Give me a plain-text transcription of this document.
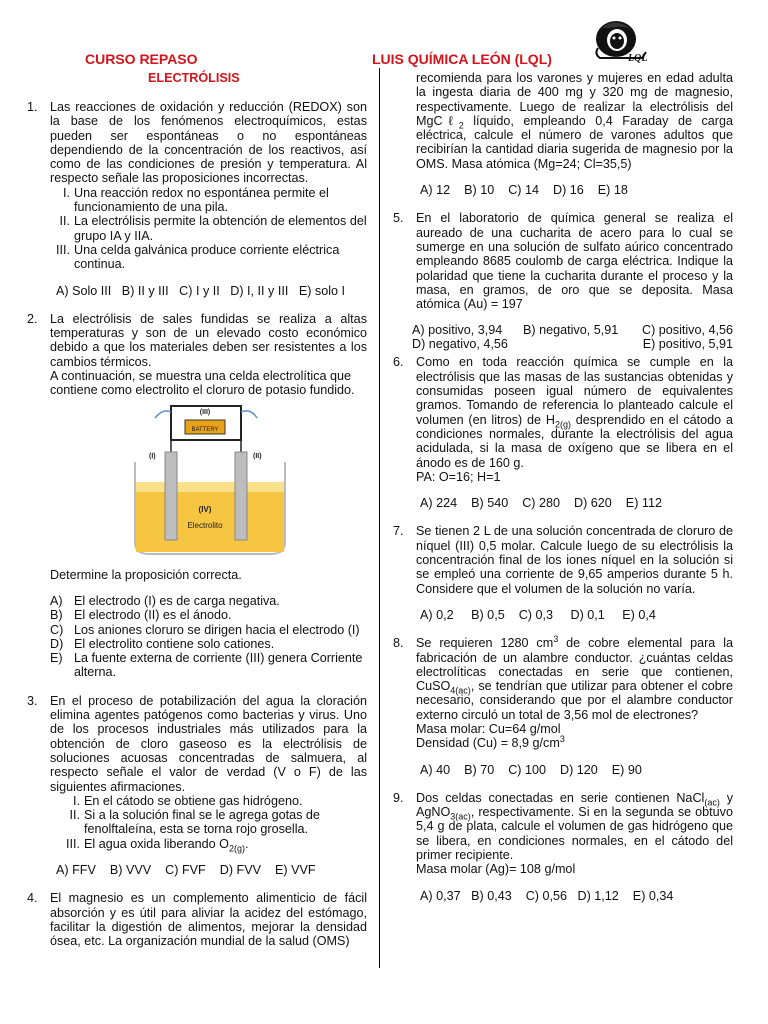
CURSO REPASO	LUIS QUÍMICA LEÓN (LQL)
ELECTRÓLISIS
LQL
1. Las reacciones de oxidación y reducción (REDOX) son la base de los fenómenos electroquímicos, estas pueden ser espontáneas o no espontáneas dependiendo de la concentración de los reactivos, así como de las condiciones de presión y temperatura. Al respecto señale las proposiciones incorrectas.
I. Una reacción redox no espontánea permite el funcionamiento de una pila.
II. La electrólisis permite la obtención de elementos del grupo IA y IIA.
III. Una celda galvánica produce corriente eléctrica continua.
A) Solo III   B) II y III   C) I y II   D) I, II y III   E) solo I
2. La electrólisis de sales fundidas se realiza a altas temperaturas y son de un elevado costo económico debido a que los materiales deben ser resistentes a los cambios térmicos.
A continuación, se muestra una celda electrolítica que contiene como electrolito el cloruro de potasio fundido.
BATTERY
(III)
(I)	(II)
(IV)
Electrolito
Determine la proposición correcta.
A) El electrodo (I) es de carga negativa.
B) El electrodo (II) es el ánodo.
C) Los aniones cloruro se dirigen hacia el electrodo (I)
D) El electrolito contiene solo cationes.
E) La fuente externa de corriente (III) genera Corriente alterna.
3. En el proceso de potabilización del agua la cloración elimina agentes patógenos como bacterias y virus. Uno de los procesos industriales más utilizados para la obtención de cloro gaseoso es la electrólisis de soluciones acuosas concentradas de salmuera, al respecto señale el valor de verdad (V o F) de las siguientes afirmaciones.
I. En el cátodo se obtiene gas hidrógeno.
II. Si a la solución final se le agrega gotas de fenolftaleína, esta se torna rojo grosella.
III. El agua oxida liberando $O_{2(g)}$.
A) FFV    B) VVV    C) FVF    D) FVV    E) VVF
4. El magnesio es un complemento alimenticio de fácil absorción y es útil para aliviar la acidez del estómago, facilitar la digestión de alimentos, mejorar la densidad ósea, etc. La organización mundial de la salud (OMS)
recomienda para los varones y mujeres en edad adulta la ingesta diaria de 400 mg y 320 mg de magnesio, respectivamente. Luego de realizar la electrólisis del MgCℓ$_2$ líquido, empleando 0,4 Faraday de carga eléctrica, calcule el número de varones adultos que recibirían la cantidad diaria sugerida de magnesio por la OMS. Masa atómica (Mg=24; Cl=35,5)
A) 12    B) 10    C) 14    D) 16    E) 18
5. En el laboratorio de química general se realiza el aureado de una cucharita de acero para lo cual se sumerge en una solución de sulfato aúrico concentrado empleando 8685 coulomb de carga eléctrica. Indique la polaridad que tiene la cucharita durante el proceso y la masa, en gramos, de oro que se deposita. Masa atómica (Au) = 197
A) positivo, 3,94 B) negativo, 5,91 C) positivo, 4,56
D) negativo, 4,56	E) positivo, 5,91
6. Como en toda reacción química se cumple en la electrólisis que las masas de las sustancias obtenidas y consumidas poseen igual número de equivalentes gramos. Tomando de referencia lo planteado calcule el volumen (en litros) de $H_{2(g)}$ desprendido en el cátodo a condiciones normales, durante la electrólisis del agua acidulada, si la masa de oxígeno que se libera en el ánodo es de 160 g.
PA: O=16; H=1
A) 224    B) 540    C) 280    D) 620    E) 112
7. Se tienen 2 L de una solución concentrada de cloruro de níquel (III) 0,5 molar. Calcule luego de su electrólisis la concentración final de los iones níquel en la solución si se empleó una corriente de 9,65 amperios durante 5 h. Considere que el volumen de la solución no varía.
A) 0,2     B) 0,5    C) 0,3     D) 0,1     E) 0,4
8. Se requieren 1280 $cm^3$ de cobre elemental para la fabricación de un alambre conductor. ¿cuántas celdas electrolíticas conectadas en serie que contienen, CuSO$_{4(ac)}$, se tendrían que utilizar para obtener el cobre necesario, considerando que por el alambre conductor externo circuló un total de 3,56 mol de electrones?
Masa molar: Cu=64 g/mol
Densidad (Cu) = 8,9 $g/cm^3$
A) 40    B) 70    C) 100    D) 120    E) 90
9. Dos celdas conectadas en serie contienen NaCl$_{(ac)}$ y AgNO$_{3(ac)}$, respectivamente. Si en la segunda se obtuvo 5,4 g de plata, calcule el volumen de gas hidrógeno que se libera, en condiciones normales, en el cátodo del primer recipiente.
Masa molar (Ag)= 108 g/mol
A) 0,37   B) 0,43    C) 0,56   D) 1,12    E) 0,34
